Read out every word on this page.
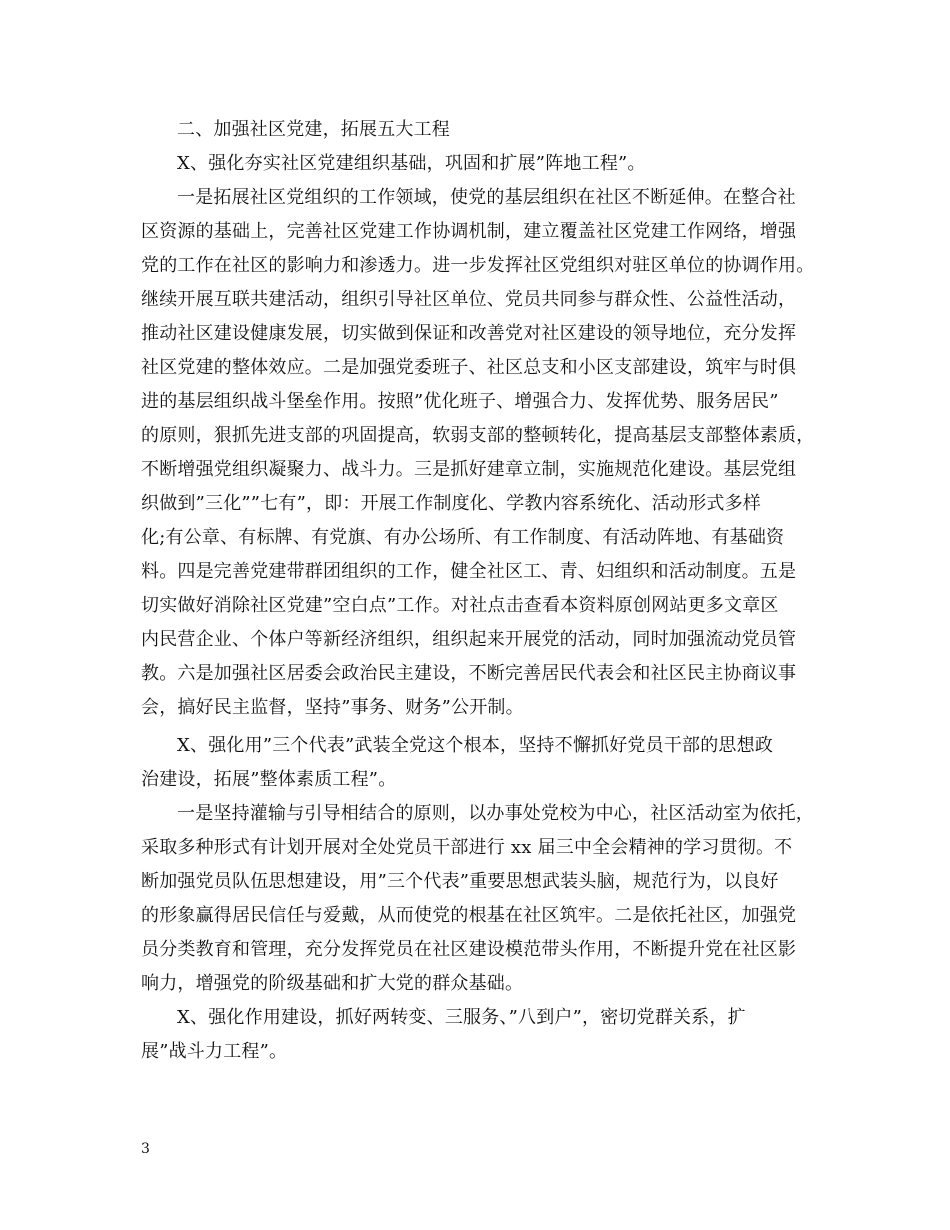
二、加强社区党建，拓展五大工程
X、强化夯实社区党建组织基础，巩固和扩展”阵地工程”。
一是拓展社区党组织的工作领域，使党的基层组织在社区不断延伸。在整合社
区资源的基础上，完善社区党建工作协调机制，建立覆盖社区党建工作网络，增强
党的工作在社区的影响力和渗透力。进一步发挥社区党组织对驻区单位的协调作用。
继续开展互联共建活动，组织引导社区单位、党员共同参与群众性、公益性活动，
推动社区建设健康发展，切实做到保证和改善党对社区建设的领导地位，充分发挥
社区党建的整体效应。二是加强党委班子、社区总支和小区支部建设，筑牢与时俱
进的基层组织战斗堡垒作用。按照”优化班子、增强合力、发挥优势、服务居民”
的原则，狠抓先进支部的巩固提高，软弱支部的整顿转化，提高基层支部整体素质，
不断增强党组织凝聚力、战斗力。三是抓好建章立制，实施规范化建设。基层党组
织做到”三化””七有”，即：开展工作制度化、学教内容系统化、活动形式多样
化;有公章、有标牌、有党旗、有办公场所、有工作制度、有活动阵地、有基础资
料。四是完善党建带群团组织的工作，健全社区工、青、妇组织和活动制度。五是
切实做好消除社区党建”空白点”工作。对社点击查看本资料原创网站更多文章区
内民营企业、个体户等新经济组织，组织起来开展党的活动，同时加强流动党员管
教。六是加强社区居委会政治民主建设，不断完善居民代表会和社区民主协商议事
会，搞好民主监督，坚持”事务、财务”公开制。
X、强化用”三个代表”武装全党这个根本，坚持不懈抓好党员干部的思想政
治建设，拓展”整体素质工程”。
一是坚持灌输与引导相结合的原则，以办事处党校为中心，社区活动室为依托，
采取多种形式有计划开展对全处党员干部进行 xx 届三中全会精神的学习贯彻。不
断加强党员队伍思想建设，用”三个代表”重要思想武装头脑，规范行为，以良好
的形象赢得居民信任与爱戴，从而使党的根基在社区筑牢。二是依托社区，加强党
员分类教育和管理，充分发挥党员在社区建设模范带头作用，不断提升党在社区影
响力，增强党的阶级基础和扩大党的群众基础。
X、强化作用建设，抓好两转变、三服务、”八到户”，密切党群关系，扩
展”战斗力工程”。
3
